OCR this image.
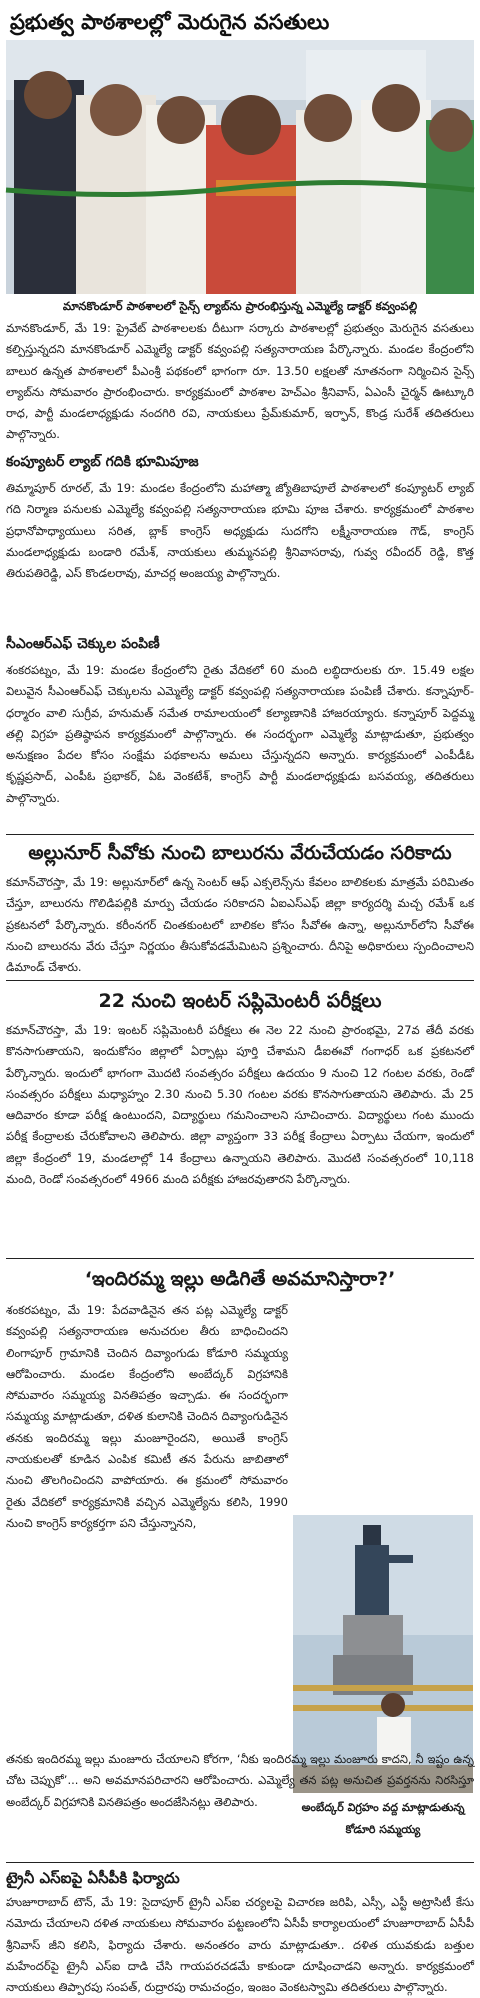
ప్రభుత్వ పాఠశాలల్లో మెరుగైన వసతులు
మానకొండూర్ పాఠశాలలో సైన్స్ ల్యాబ్‌ను ప్రారంభిస్తున్న ఎమ్మెల్యే డాక్టర్ కవ్వంపల్లి
మానకొండూర్, మే 19: ప్రైవేట్ పాఠశాలలకు దీటుగా సర్కారు పాఠశాలల్లో ప్రభుత్వం మెరుగైన వసతులు కల్పిస్తున్నదని మానకొండూర్ ఎమ్మెల్యే డాక్టర్ కవ్వంపల్లి సత్యనారాయణ పేర్కొన్నారు. మండల కేంద్రంలోని బాలుర ఉన్నత పాఠశాలలో పీఎంశ్రీ పథకంలో భాగంగా రూ. 13.50 లక్షలతో నూతనంగా నిర్మించిన సైన్స్ ల్యాబ్‌ను సోమవారం ప్రారంభించారు. కార్యక్రమంలో పాఠశాల హెచ్‌ఎం శ్రీనివాస్, ఏఎంసీ చైర్మన్ ఊట్కూరి రాధ, పార్టీ మండలాధ్యక్షుడు నందగిరి రవి, నాయకులు ప్రేమ్‌కుమార్, ఇర్ఫాన్, కొండ్ర సురేశ్ తదితరులు పాల్గొన్నారు.
కంప్యూటర్ ల్యాబ్ గదికి భూమిపూజ
తిమ్మాపూర్ రూరల్, మే 19: మండల కేంద్రంలోని మహాత్మా జ్యోతిబాపూలే పాఠశాలలో కంప్యూటర్ ల్యాబ్ గది నిర్మాణ పనులకు ఎమ్మెల్యే కవ్వంపల్లి సత్యనారాయణ భూమి పూజ చేశారు. కార్యక్రమంలో పాఠశాల ప్రధానోపాధ్యాయులు సరిత, బ్లాక్ కాంగ్రెస్ అధ్యక్షుడు సుదగోని లక్ష్మీనారాయణ గౌడ్, కాంగ్రెస్ మండలాధ్యక్షుడు బండారి రమేశ్, నాయకులు తుమ్మనపల్లి శ్రీనివాసరావు, గువ్వ రవీందర్ రెడ్డి, కొత్త తిరుపతిరెడ్డి, ఎస్ కొండలరావు, మాచర్ల అంజయ్య పాల్గొన్నారు.
సీఎంఆర్ఎఫ్ చెక్కుల పంపిణీ
శంకరపట్నం, మే 19: మండల కేంద్రంలోని రైతు వేదికలో 60 మంది లబ్ధిదారులకు రూ. 15.49 లక్షల విలువైన సీఎంఆర్ఎఫ్ చెక్కులను ఎమ్మెల్యే డాక్టర్ కవ్వంపల్లి సత్యనారాయణ పంపిణీ చేశారు. కన్నాపూర్-ధర్మారం వాలి సుగ్రీవ, హనుమత్ సమేత రామాలయంలో కల్యాణానికి హాజరయ్యారు. కన్నాపూర్ పెద్దమ్మ తల్లి విగ్రహ ప్రతిష్ఠాపన కార్యక్రమంలో పాల్గొన్నారు. ఈ సందర్భంగా ఎమ్మెల్యే మాట్లాడుతూ, ప్రభుత్వం అనుక్షణం పేదల కోసం సంక్షేమ పథకాలను అమలు చేస్తున్నదని అన్నారు. కార్యక్రమంలో ఎంపీడీఓ కృష్ణప్రసాద్, ఎంపీఓ ప్రభాకర్, ఏఓ వెంకటేశ్, కాంగ్రెస్ పార్టీ మండలాధ్యక్షుడు బసవయ్య, తదితరులు పాల్గొన్నారు.
అల్లునూర్ సీవోకు నుంచి బాలురను వేరుచేయడం సరికాదు
కమాన్‌చౌరస్తా, మే 19: అల్లునూర్‌లో ఉన్న సెంటర్ ఆఫ్ ఎక్సలెన్స్‌ను కేవలం బాలికలకు మాత్రమే పరిమితం చేస్తూ, బాలురను గొలిడిపల్లికి మార్పు చేయడం సరికాదని ఏఐఎస్ఎఫ్ జిల్లా కార్యదర్శి మచ్చ రమేశ్ ఒక ప్రకటనలో పేర్కొన్నారు. కరీంనగర్ చింతకుంటలో బాలికల కోసం సీవోఈ ఉన్నా, అల్లునూర్‌లోని సీవోఈ నుంచి బాలురను వేరు చేస్తూ నిర్ణయం తీసుకోవడమేమిటని ప్రశ్నించారు. దీనిపై అధికారులు స్పందించాలని డిమాండ్ చేశారు.
22 నుంచి ఇంటర్ సప్లిమెంటరీ పరీక్షలు
కమాన్‌చౌరస్తా, మే 19: ఇంటర్ సప్లిమెంటరీ పరీక్షలు ఈ నెల 22 నుంచి ప్రారంభమై, 27వ తేదీ వరకు కొనసాగుతాయని, ఇందుకోసం జిల్లాలో ఏర్పాట్లు పూర్తి చేశామని డీఐఈవో గంగాధర్ ఒక ప్రకటనలో పేర్కొన్నారు. ఇందులో భాగంగా మొదటి సంవత్సరం పరీక్షలు ఉదయం 9 నుంచి 12 గంటల వరకు, రెండో సంవత్సరం పరీక్షలు మధ్యాహ్నం 2.30 నుంచి 5.30 గంటల వరకు కొనసాగుతాయని తెలిపారు. మే 25 ఆదివారం కూడా పరీక్ష ఉంటుందని, విద్యార్థులు గమనించాలని సూచించారు. విద్యార్థులు గంట ముందు పరీక్ష కేంద్రాలకు చేరుకోవాలని తెలిపారు. జిల్లా వ్యాప్తంగా 33 పరీక్ష కేంద్రాలు ఏర్పాటు చేయగా, ఇందులో జిల్లా కేంద్రంలో 19, మండలాల్లో 14 కేంద్రాలు ఉన్నాయని తెలిపారు. మొదటి సంవత్సరంలో 10,118 మంది, రెండో సంవత్సరంలో 4966 మంది పరీక్షకు హాజరవుతారని పేర్కొన్నారు.
‘ఇందిరమ్మ ఇల్లు అడిగితే అవమానిస్తారా?’
శంకరపట్నం, మే 19: పేదవాడినైన తన పట్ల ఎమ్మెల్యే డాక్టర్ కవ్వంపల్లి సత్యనారాయణ అనుచరుల తీరు బాధించిందని లింగాపూర్ గ్రామానికి చెందిన దివ్యాంగుడు కోడూరి సమ్మయ్య ఆరోపించారు. మండల కేంద్రంలోని అంబేద్కర్ విగ్రహానికి సోమవారం సమ్మయ్య వినతిపత్రం ఇచ్చాడు. ఈ సందర్భంగా సమ్మయ్య మాట్లాడుతూ, దళిత కులానికి చెందిన దివ్యాంగుడినైన తనకు ఇందిరమ్మ ఇల్లు మంజూరైందని, అయితే కాంగ్రెస్ నాయకులతో కూడిన ఎంపిక కమిటీ తన పేరును జాబితాలో నుంచి తొలగించిందని వాపోయారు. ఈ క్రమంలో సోమవారం రైతు వేదికలో కార్యక్రమానికి వచ్చిన ఎమ్మెల్యేను కలిసి, 1990 నుంచి కాంగ్రెస్ కార్యకర్తగా పని చేస్తున్నానని,
అంబేద్కర్ విగ్రహం వద్ద మాట్లాడుతున్న కోడూరి సమ్మయ్య
తనకు ఇందిరమ్మ ఇల్లు మంజూరు చేయాలని కోరగా, ‘నీకు ఇందిరమ్మ ఇల్లు మంజూరు కాదని, నీ ఇష్టం ఉన్న చోట చెప్పుకో’... అని అవమానపరిచారని ఆరోపించారు. ఎమ్మెల్యే తన పట్ల అనుచిత ప్రవర్తనను నిరసిస్తూ అంబేద్కర్ విగ్రహానికి వినతిపత్రం అందజేసినట్లు తెలిపారు.
ట్రైనీ ఎస్‌ఐపై ఏసీపీకి ఫిర్యాదు
హుజూరాబాద్ టౌన్, మే 19: సైదాపూర్ ట్రైనీ ఎస్‌ఐ చర్యలపై విచారణ జరిపి, ఎస్సీ, ఎస్టీ అట్రాసిటీ కేసు నమోదు చేయాలని దళిత నాయకులు సోమవారం పట్టణంలోని ఏసీపీ కార్యాలయంలో హుజూరాబాద్ ఏసీపీ శ్రీనివాస్ జీని కలిసి, ఫిర్యాదు చేశారు. అనంతరం వారు మాట్లాడుతూ.. దళిత యువకుడు బత్తుల మహేందర్‌పై ట్రైనీ ఎస్‌ఐ దాడి చేసి గాయపరచడమే కాకుండా దూషించాడని అన్నారు. కార్యక్రమంలో నాయకులు తిప్పారపు సంపత్, రుద్రారపు రామచంద్రం, ఇంజం వెంకటస్వామి తదితరులు పాల్గొన్నారు.
